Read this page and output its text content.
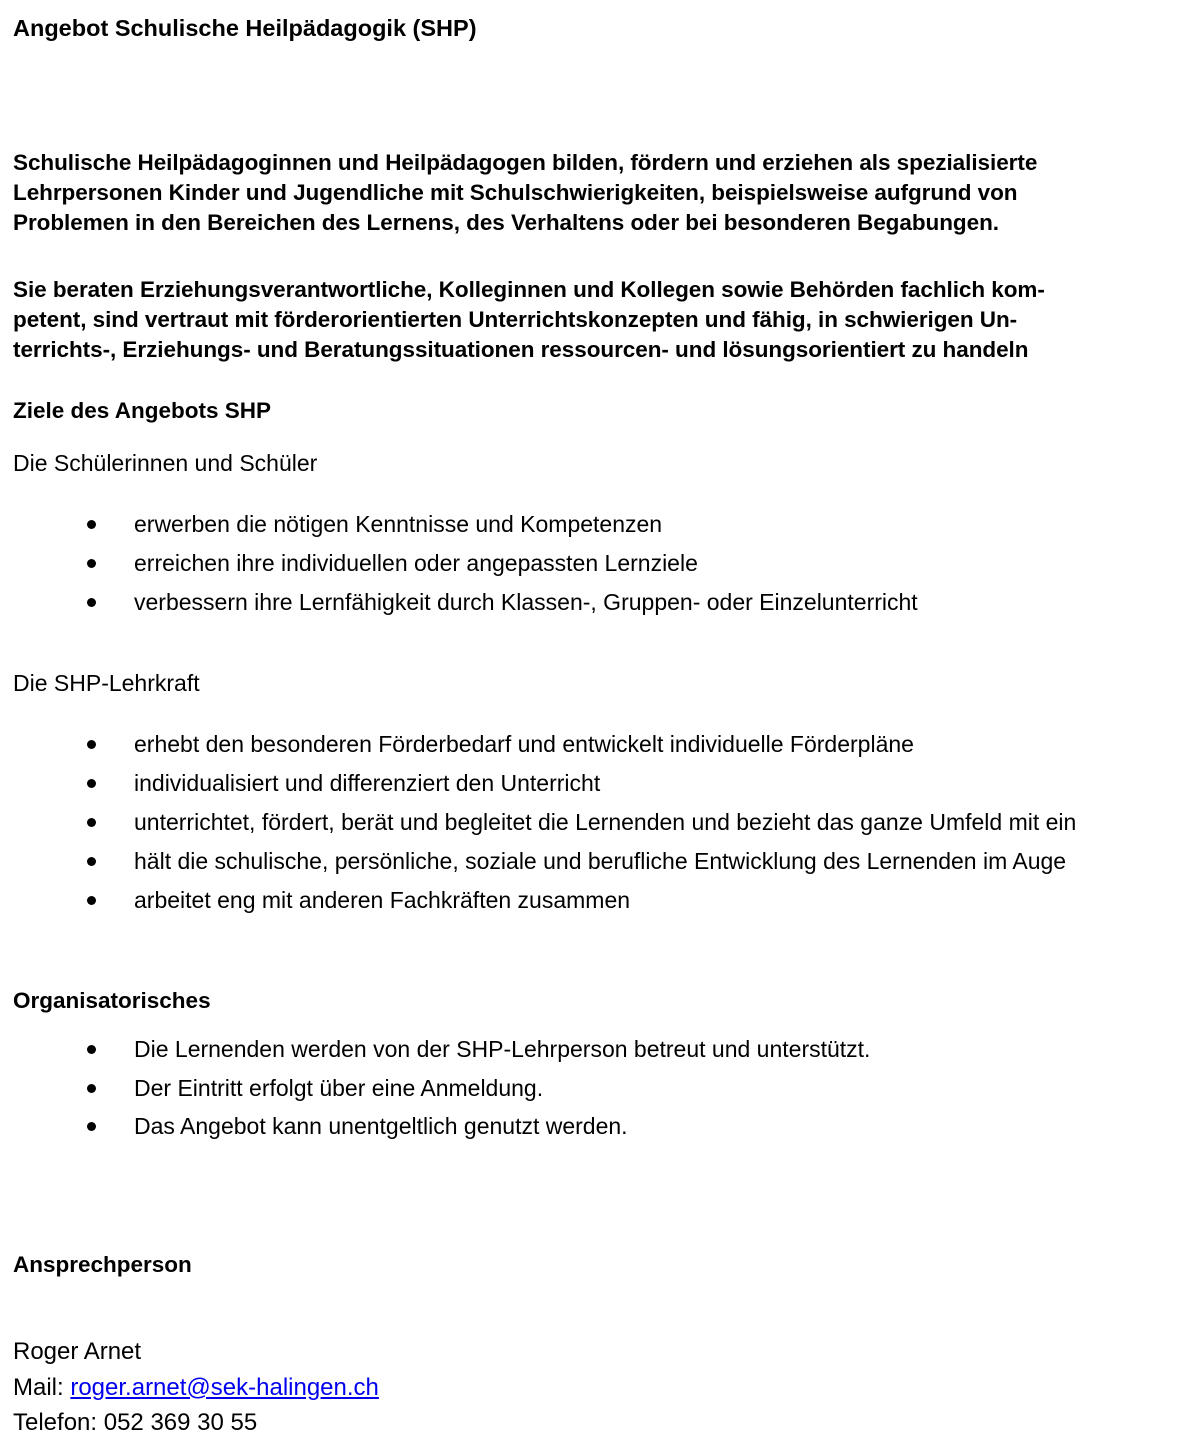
Angebot Schulische Heilpädagogik (SHP)

Schulische Heilpädagoginnen und Heilpädagogen bilden, fördern und erziehen als spezialisierte
Lehrpersonen Kinder und Jugendliche mit Schulschwierigkeiten, beispielsweise aufgrund von
Problemen in den Bereichen des Lernens, des Verhaltens oder bei besonderen Begabungen.

Sie beraten Erziehungsverantwortliche, Kolleginnen und Kollegen sowie Behörden fachlich kom-
petent, sind vertraut mit förderorientierten Unterrichtskonzepten und fähig, in schwierigen Un-
terrichts-, Erziehungs- und Beratungssituationen ressourcen- und lösungsorientiert zu handeln

Ziele des Angebots SHP

Die Schülerinnen und Schüler

erwerben die nötigen Kenntnisse und Kompetenzen
erreichen ihre individuellen oder angepassten Lernziele
verbessern ihre Lernfähigkeit durch Klassen-, Gruppen- oder Einzelunterricht

Die SHP-Lehrkraft

erhebt den besonderen Förderbedarf und entwickelt individuelle Förderpläne
individualisiert und differenziert den Unterricht
unterrichtet, fördert, berät und begleitet die Lernenden und bezieht das ganze Umfeld mit ein
hält die schulische, persönliche, soziale und berufliche Entwicklung des Lernenden im Auge
arbeitet eng mit anderen Fachkräften zusammen
Organisatorisches
Die Lernenden werden von der SHP-Lehrperson betreut und unterstützt.
Der Eintritt erfolgt über eine Anmeldung.
Das Angebot kann unentgeltlich genutzt werden.
Ansprechperson
Roger Arnet
Mail: roger.arnet@sek-halingen.ch
Telefon: 052 369 30 55
